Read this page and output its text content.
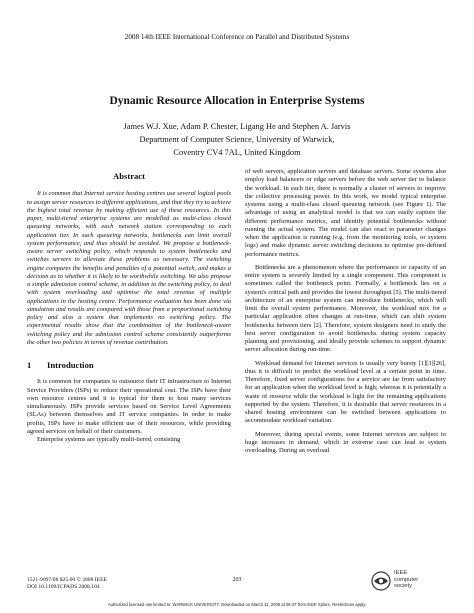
2008 14th IEEE International Conference on Parallel and Distributed Systems
Dynamic Resource Allocation in Enterprise Systems
James W.J. Xue, Adam P. Chester, Ligang He and Stephen A. Jarvis
Department of Computer Science, University of Warwick,
Coventry CV4 7AL, United Kingdom
Abstract

It is common that Internet service hosting centres use several logical pools to assign server resources to different applications, and that they try to achieve the highest total revenue by making efficient use of these resources. In this paper, multi-tiered enterprise systems are modelled as multi-class closed queueing networks, with each network station corresponding to each application tier. In such queueing networks, bottlenecks can limit overall system performance, and thus should be avoided. We propose a bottleneck-aware server switching policy, which responds to system bottlenecks and switches servers to alleviate these problems as necessary. The switching engine compares the benefits and penalties of a potential switch, and makes a decision as to whether it is likely to be worthwhile switching. We also propose a simple admission control scheme, in addition to the switching policy, to deal with system overloading and optimise the total revenue of multiple applications in the hosting centre. Performance evaluation has been done via simulation and results are compared with those from a proportional switching policy and also a system that implements no switching policy. The experimental results show that the combination of the bottleneck-aware switching policy and the admission control scheme consistently outperforms the other two policies in terms of revenue contribution.

1 Introduction

It is common for companies to outsource their IT infrastructure to Internet Service Providers (ISPs) to reduce their operational cost. The ISPs have their own resource centres and it is typical for them to host many services simultaneously. ISPs provide services based on Service Level Agreements (SLAs) between themselves and IT service companies. In order to make profits, ISPs have to make efficient use of their resources, while providing agreed services on behalf of their customers.

Enterprise systems are typically multi-tiered, consisting

of web servers, application servers and database servers. Some systems also employ load balancers or edge servers before the web server tier to balance the workload. In each tier, there is normally a cluster of servers to improve the collective processing power. In this work, we model typical enterprise systems using a multi-class closed queueing network (see Figure 1). The advantage of using an analytical model is that we can easily capture the different performance metrics, and identify potential bottlenecks without running the actual system. The model can also react to parameter changes when the application is running (e.g. from the monitoring tools, or system logs) and make dynamic server switching decisions to optimise pre-defined performance metrics.

Bottlenecks are a phenomenon where the performance or capacity of an entire system is severely limited by a single component. This component is sometimes called the bottleneck point. Formally, a bottleneck lies on a system's critical path and provides the lowest throughput [5]. The multi-tiered architecture of an enterprise system can introduce bottlenecks, which will limit the overall system performance. Moreover, the workload mix for a particular application often changes at run-time, which can shift system bottlenecks between tiers [2]. Therefore, system designers need to study the best server configuration to avoid bottlenecks during system capacity planning and provisioning, and ideally provide schemes to support dynamic server allocation during run-time.

Workload demand for Internet services is usually very bursty [1][3][26], thus it is difficult to predict the workload level at a certain point in time. Therefore, fixed server configurations for a service are far from satisfactory for an application when the workload level is high; whereas it is potentially a waste of resource while the workload is light for the remaining applications supported by the system. Therefore, it is desirable that server resources in a shared hosting environment can be switched between applications to accommodate workload variation.

Moreover, during special events, some Internet services are subject to huge increases in demand, which in extreme case can lead to system overloading. During an overload

1521-9097/08 $25.00 © 2008 IEEE
DOI 10.1109/ICPADS.2008.104
203
IEEE
computer
society
Authorized licensed use limited to: WARWICK UNIVERSITY. Downloaded on March 11, 2009 at 06:47 from IEEE Xplore. Restrictions apply.
